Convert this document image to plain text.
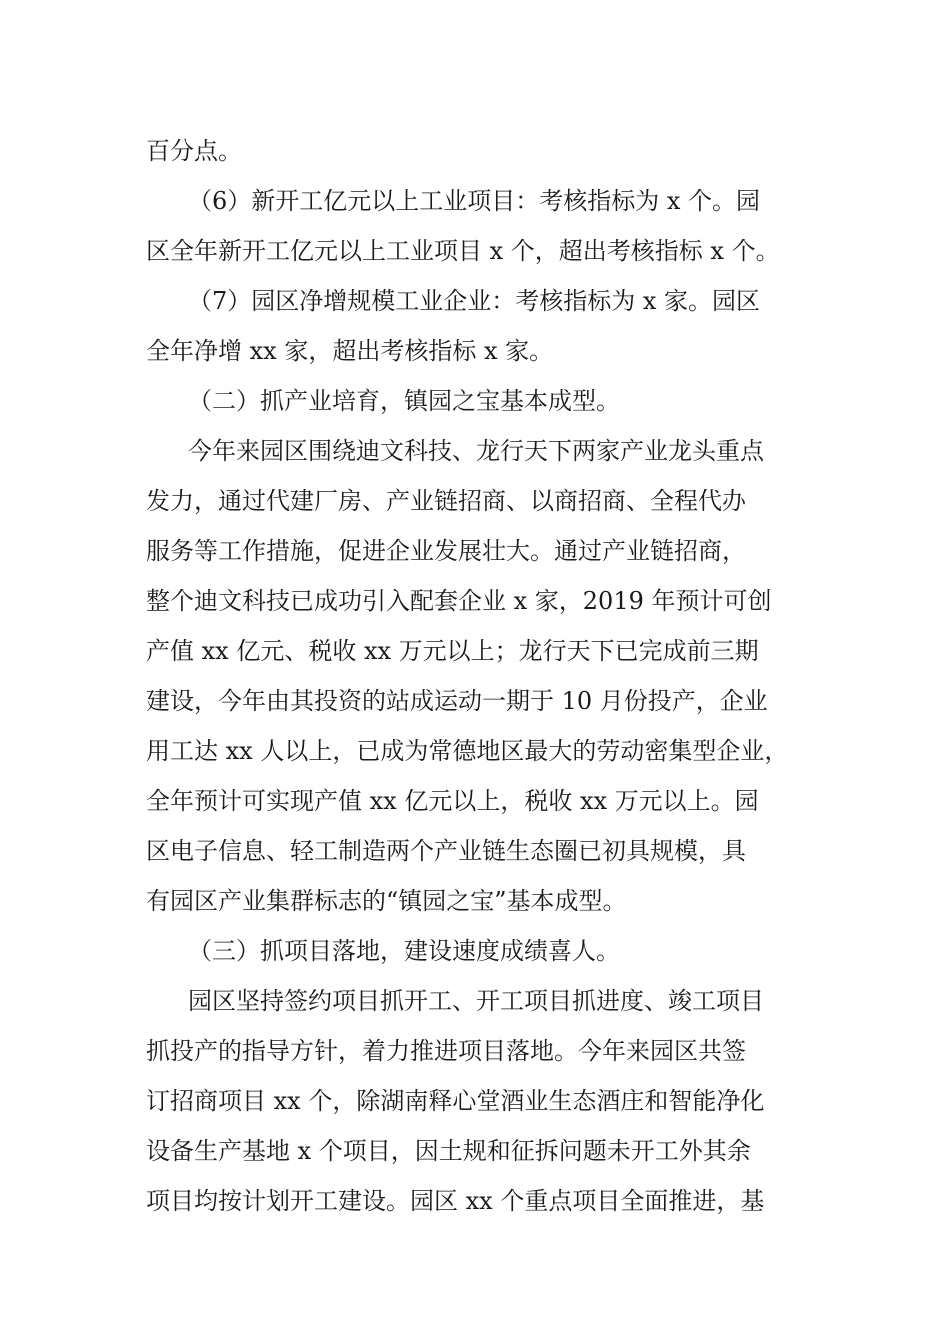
百分点。
（6）新开工亿元以上工业项目：考核指标为 x 个。园
区全年新开工亿元以上工业项目 x 个，超出考核指标 x 个。
（7）园区净增规模工业企业：考核指标为 x 家。园区
全年净增 xx 家，超出考核指标 x 家。
（二）抓产业培育，镇园之宝基本成型。
今年来园区围绕迪文科技、龙行天下两家产业龙头重点
发力，通过代建厂房、产业链招商、以商招商、全程代办
服务等工作措施，促进企业发展壮大。通过产业链招商，
整个迪文科技已成功引入配套企业 x 家，2019 年预计可创
产值 xx 亿元、税收 xx 万元以上；龙行天下已完成前三期
建设，今年由其投资的站成运动一期于 10 月份投产，企业
用工达 xx 人以上，已成为常德地区最大的劳动密集型企业，
全年预计可实现产值 xx 亿元以上，税收 xx 万元以上。园
区电子信息、轻工制造两个产业链生态圈已初具规模，具
有园区产业集群标志的“镇园之宝”基本成型。
（三）抓项目落地，建设速度成绩喜人。
园区坚持签约项目抓开工、开工项目抓进度、竣工项目
抓投产的指导方针，着力推进项目落地。今年来园区共签
订招商项目 xx 个，除湖南释心堂酒业生态酒庄和智能净化
设备生产基地 x 个项目，因土规和征拆问题未开工外其余
项目均按计划开工建设。园区 xx 个重点项目全面推进，基
